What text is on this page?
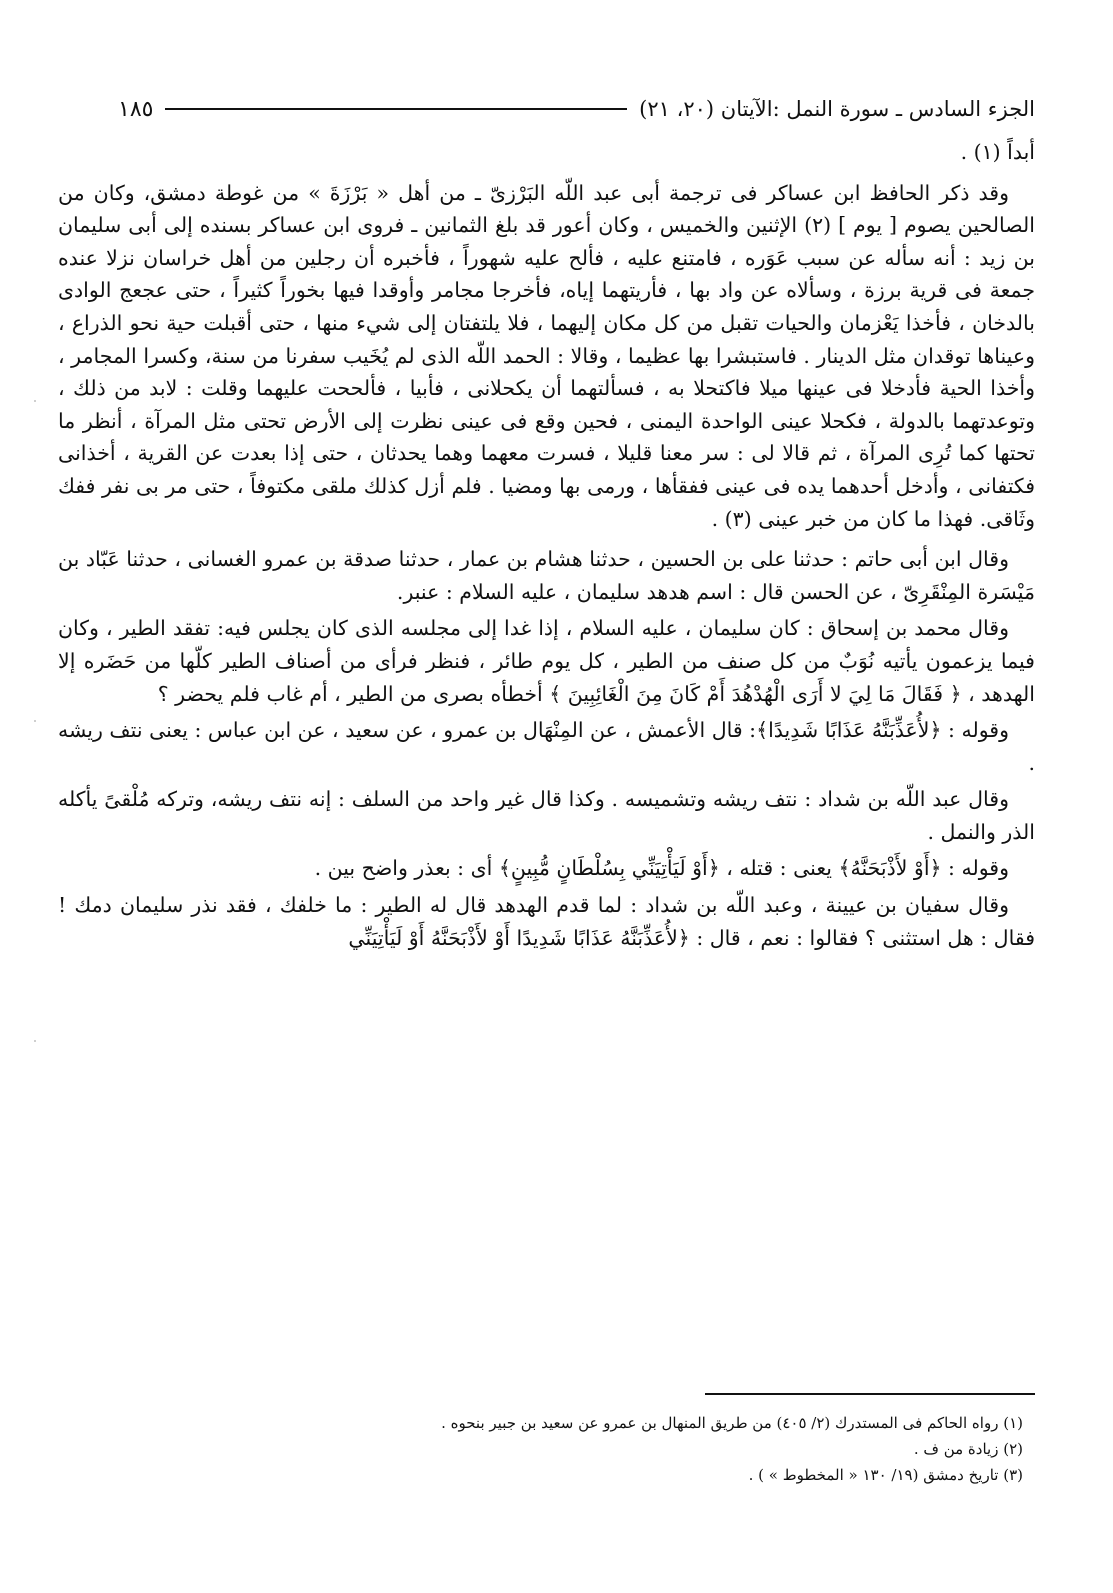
الجزء السادس ـ سورة النمل :الآيتان (٢٠، ٢١)
١٨٥

أبداً (١) .

وقد ذكر الحافظ ابن عساكر فى ترجمة أبى عبد اللّه البَرْزىّ ـ من أهل « بَرْزَةَ » من غوطة دمشق، وكان من الصالحين يصوم [ يوم ] (٢) الإثنين والخميس ، وكان أعور قد بلغ الثمانين ـ فروى ابن عساكر بسنده إلى أبى سليمان بن زيد : أنه سأله عن سبب عَوَره ، فامتنع عليه ، فألح عليه شهوراً ، فأخبره أن رجلين من أهل خراسان نزلا عنده جمعة فى قرية برزة ، وسألاه عن واد بها ، فأريتهما إياه، فأخرجا مجامر وأوقدا فيها بخوراً كثيراً ، حتى عجعج الوادى بالدخان ، فأخذا يَعْزمان والحيات تقبل من كل مكان إليهما ، فلا يلتفتان إلى شيء منها ، حتى أقبلت حية نحو الذراع ، وعيناها توقدان مثل الدينار . فاستبشرا بها عظيما ، وقالا : الحمد اللّه الذى لم يُخَيب سفرنا من سنة، وكسرا المجامر ، وأخذا الحية فأدخلا فى عينها ميلا فاكتحلا به ، فسألتهما أن يكحلانى ، فأبيا ، فألححت عليهما وقلت : لابد من ذلك ، وتوعدتهما بالدولة ، فكحلا عينى الواحدة اليمنى ، فحين وقع فى عينى نظرت إلى الأرض تحتى مثل المرآة ، أنظر ما تحتها كما تُرِى المرآة ، ثم قالا لى : سر معنا قليلا ، فسرت معهما وهما يحدثان ، حتى إذا بعدت عن القرية ، أخذانى فكتفانى ، وأدخل أحدهما يده فى عينى ففقأها ، ورمى بها ومضيا . فلم أزل كذلك ملقى مكتوفاً ، حتى مر بى نفر ففك وثَاقى. فهذا ما كان من خبر عينى (٣) .

وقال ابن أبى حاتم : حدثنا على بن الحسين ، حدثنا هشام بن عمار ، حدثنا صدقة بن عمرو الغسانى ، حدثنا عَبّاد بن مَيْسَرة المِنْقَرِىّ ، عن الحسن قال : اسم هدهد سليمان ، عليه السلام : عنبر.

وقال محمد بن إسحاق : كان سليمان ، عليه السلام ، إذا غدا إلى مجلسه الذى كان يجلس فيه: تفقد الطير ، وكان فيما يزعمون يأتيه نُوَبٌ من كل صنف من الطير ، كل يوم طائر ، فنظر فرأى من أصناف الطير كلّها من حَضَره إلا الهدهد ، ﴿ فَقَالَ مَا لِيَ لا أَرَى الْهُدْهُدَ أَمْ كَانَ مِنَ الْغَائِبِينَ ﴾ أخطأه بصرى من الطير ، أم غاب فلم يحضر ؟

وقوله : ﴿لأُعَذِّبَنَّهُ عَذَابًا شَدِيدًا﴾: قال الأعمش ، عن المِنْهَال بن عمرو ، عن سعيد ، عن ابن عباس : يعنى نتف ريشه .

وقال عبد اللّه بن شداد : نتف ريشه وتشميسه . وكذا قال غير واحد من السلف : إنه نتف ريشه، وتركه مُلْقىً يأكله الذر والنمل .

وقوله : ﴿أَوْ لأَذْبَحَنَّهُ﴾ يعنى : قتله ، ﴿أَوْ لَيَأْتِيَنِّي بِسُلْطَانٍ مُّبِينٍ﴾ أى : بعذر واضح بين .

وقال سفيان بن عيينة ، وعبد اللّه بن شداد : لما قدم الهدهد قال له الطير : ما خلفك ، فقد نذر سليمان دمك ! فقال : هل استثنى ؟ فقالوا : نعم ، قال : ﴿لأُعَذِّبَنَّهُ عَذَابًا شَدِيدًا أَوْ لأَذْبَحَنَّهُ أَوْ لَيَأْتِيَنِّي

(١) رواه الحاكم فى المستدرك (٢/ ٤٠٥) من طريق المنهال بن عمرو عن سعيد بن جبير بنحوه .

(٢) زيادة من ف .

(٣) تاريخ دمشق (١٩/ ١٣٠ « المخطوط » ) .
